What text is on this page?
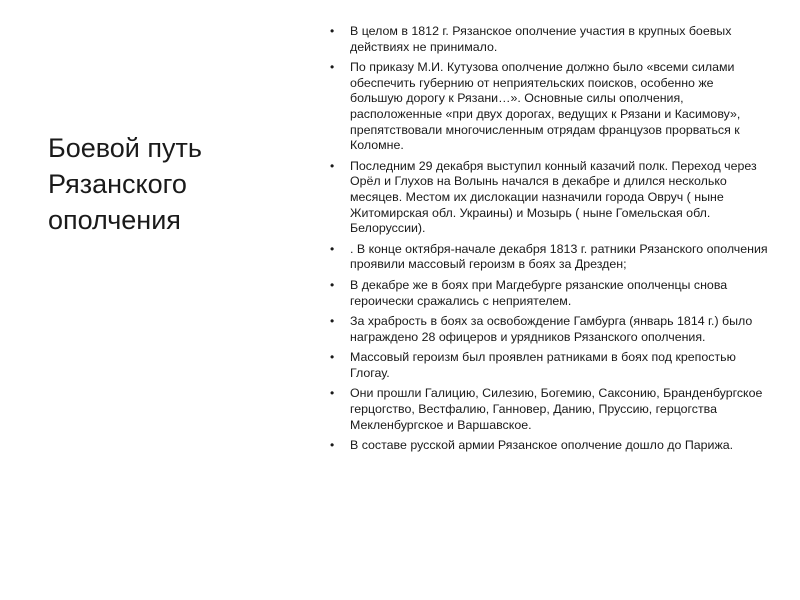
Боевой путь
Рязанского
ополчения
• В целом в 1812 г. Рязанское ополчение участия в крупных боевых действиях не принимало.
• По приказу М.И. Кутузова ополчение должно было «всеми силами обеспечить губернию от неприятельских поисков, особенно же большую дорогу к Рязани…». Основные силы ополчения, расположенные «при двух дорогах, ведущих к Рязани и Касимову», препятствовали многочисленным отрядам французов прорваться к Коломне.
• Последним 29 декабря выступил конный казачий полк. Переход через Орёл и Глухов на Волынь начался в декабре и длился несколько месяцев. Местом их дислокации назначили города Овруч ( ныне Житомирская обл. Украины) и Мозырь ( ныне Гомельская обл. Белоруссии).
• . В конце октября-начале декабря 1813 г. ратники Рязанского ополчения проявили массовый героизм в боях за Дрезден;
• В декабре же в боях при Магдебурге рязанские ополченцы снова героически сражались с неприятелем.
• За храбрость в боях за освобождение Гамбурга (январь 1814 г.) было награждено 28 офицеров и урядников Рязанского ополчения.
• Массовый героизм был проявлен ратниками в боях под крепостью Глогау.
• Они прошли Галицию, Силезию, Богемию, Саксонию, Бранденбургское герцогство, Вестфалию, Ганновер, Данию, Пруссию, герцогства Мекленбургское и Варшавское.
• В составе русской армии Рязанское ополчение дошло до Парижа.
